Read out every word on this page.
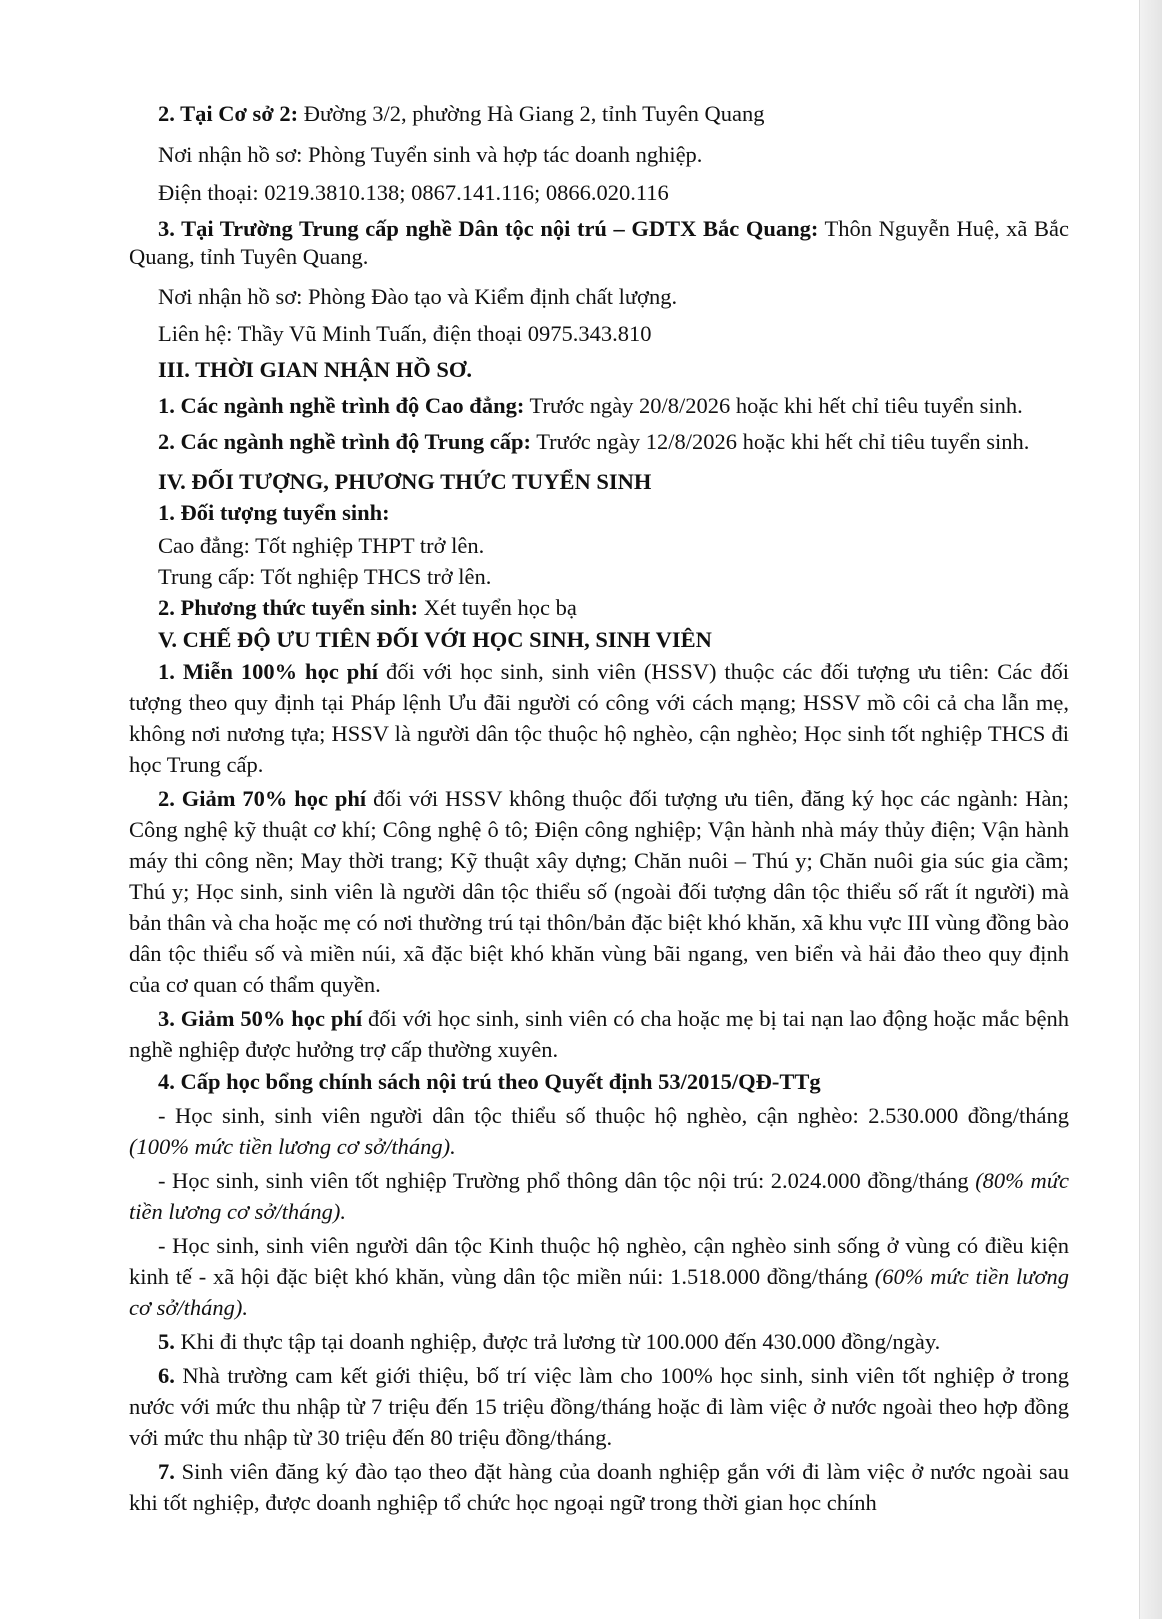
2. Tại Cơ sở 2: Đường 3/2, phường Hà Giang 2, tỉnh Tuyên Quang

Nơi nhận hồ sơ: Phòng Tuyển sinh và hợp tác doanh nghiệp.

Điện thoại: 0219.3810.138; 0867.141.116; 0866.020.116

3. Tại Trường Trung cấp nghề Dân tộc nội trú – GDTX Bắc Quang: Thôn Nguyễn Huệ, xã Bắc Quang, tỉnh Tuyên Quang.

Nơi nhận hồ sơ: Phòng Đào tạo và Kiểm định chất lượng.

Liên hệ: Thầy Vũ Minh Tuấn, điện thoại 0975.343.810

III. THỜI GIAN NHẬN HỒ SƠ.

1. Các ngành nghề trình độ Cao đẳng: Trước ngày 20/8/2026 hoặc khi hết chỉ tiêu tuyển sinh.

2. Các ngành nghề trình độ Trung cấp: Trước ngày 12/8/2026 hoặc khi hết chỉ tiêu tuyển sinh.

IV. ĐỐI TƯỢNG, PHƯƠNG THỨC TUYỂN SINH

1. Đối tượng tuyển sinh:

Cao đẳng: Tốt nghiệp THPT trở lên.

Trung cấp: Tốt nghiệp THCS trở lên.

2. Phương thức tuyển sinh: Xét tuyển học bạ

V. CHẾ ĐỘ ƯU TIÊN ĐỐI VỚI HỌC SINH, SINH VIÊN

1. Miễn 100% học phí đối với học sinh, sinh viên (HSSV) thuộc các đối tượng ưu tiên: Các đối tượng theo quy định tại Pháp lệnh Ưu đãi người có công với cách mạng; HSSV mồ côi cả cha lẫn mẹ, không nơi nương tựa; HSSV là người dân tộc thuộc hộ nghèo, cận nghèo; Học sinh tốt nghiệp THCS đi học Trung cấp.

2. Giảm 70% học phí đối với HSSV không thuộc đối tượng ưu tiên, đăng ký học các ngành: Hàn; Công nghệ kỹ thuật cơ khí; Công nghệ ô tô; Điện công nghiệp; Vận hành nhà máy thủy điện; Vận hành máy thi công nền; May thời trang; Kỹ thuật xây dựng; Chăn nuôi – Thú y; Chăn nuôi gia súc gia cầm; Thú y; Học sinh, sinh viên là người dân tộc thiểu số (ngoài đối tượng dân tộc thiểu số rất ít người) mà bản thân và cha hoặc mẹ có nơi thường trú tại thôn/bản đặc biệt khó khăn, xã khu vực III vùng đồng bào dân tộc thiểu số và miền núi, xã đặc biệt khó khăn vùng bãi ngang, ven biển và hải đảo theo quy định của cơ quan có thẩm quyền.

3. Giảm 50% học phí đối với học sinh, sinh viên có cha hoặc mẹ bị tai nạn lao động hoặc mắc bệnh nghề nghiệp được hưởng trợ cấp thường xuyên.

4. Cấp học bổng chính sách nội trú theo Quyết định 53/2015/QĐ-TTg

- Học sinh, sinh viên người dân tộc thiểu số thuộc hộ nghèo, cận nghèo: 2.530.000 đồng/tháng (100% mức tiền lương cơ sở/tháng).

- Học sinh, sinh viên tốt nghiệp Trường phổ thông dân tộc nội trú: 2.024.000 đồng/tháng (80% mức tiền lương cơ sở/tháng).

- Học sinh, sinh viên người dân tộc Kinh thuộc hộ nghèo, cận nghèo sinh sống ở vùng có điều kiện kinh tế - xã hội đặc biệt khó khăn, vùng dân tộc miền núi: 1.518.000 đồng/tháng (60% mức tiền lương cơ sở/tháng).

5. Khi đi thực tập tại doanh nghiệp, được trả lương từ 100.000 đến 430.000 đồng/ngày.

6. Nhà trường cam kết giới thiệu, bố trí việc làm cho 100% học sinh, sinh viên tốt nghiệp ở trong nước với mức thu nhập từ 7 triệu đến 15 triệu đồng/tháng hoặc đi làm việc ở nước ngoài theo hợp đồng với mức thu nhập từ 30 triệu đến 80 triệu đồng/tháng.

7. Sinh viên đăng ký đào tạo theo đặt hàng của doanh nghiệp gắn với đi làm việc ở nước ngoài sau khi tốt nghiệp, được doanh nghiệp tổ chức học ngoại ngữ trong thời gian học chính
